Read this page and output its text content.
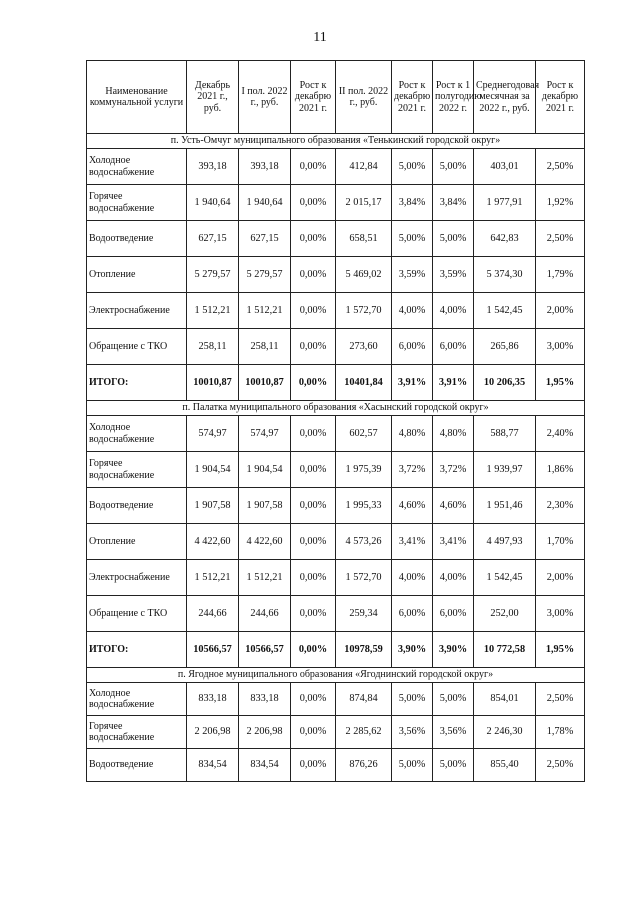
11
Наименование коммунальной услуги	Декабрь 2021 г., руб.	I пол. 2022 г., руб.	Рост к декабрю 2021 г.	II пол. 2022 г., руб.	Рост к декабрю 2021 г.	Рост к 1 полугодию 2022 г.	Среднегодовая месячная за 2022 г., руб.	Рост к декабрю 2021 г.
п. Усть-Омчуг муниципального образования «Тенькинский городской округ»								
Холодное водоснабжение	393,18	393,18	0,00%	412,84	5,00%	5,00%	403,01	2,50%
Горячее водоснабжение	1 940,64	1 940,64	0,00%	2 015,17	3,84%	3,84%	1 977,91	1,92%
Водоотведение	627,15	627,15	0,00%	658,51	5,00%	5,00%	642,83	2,50%
Отопление	5 279,57	5 279,57	0,00%	5 469,02	3,59%	3,59%	5 374,30	1,79%
Электроснабжение	1 512,21	1 512,21	0,00%	1 572,70	4,00%	4,00%	1 542,45	2,00%
Обращение с ТКО	258,11	258,11	0,00%	273,60	6,00%	6,00%	265,86	3,00%
ИТОГО:	10010,87	10010,87	0,00%	10401,84	3,91%	3,91%	10 206,35	1,95%
п. Палатка муниципального образования «Хасынский городской округ»								
Холодное водоснабжение	574,97	574,97	0,00%	602,57	4,80%	4,80%	588,77	2,40%
Горячее водоснабжение	1 904,54	1 904,54	0,00%	1 975,39	3,72%	3,72%	1 939,97	1,86%
Водоотведение	1 907,58	1 907,58	0,00%	1 995,33	4,60%	4,60%	1 951,46	2,30%
Отопление	4 422,60	4 422,60	0,00%	4 573,26	3,41%	3,41%	4 497,93	1,70%
Электроснабжение	1 512,21	1 512,21	0,00%	1 572,70	4,00%	4,00%	1 542,45	2,00%
Обращение с ТКО	244,66	244,66	0,00%	259,34	6,00%	6,00%	252,00	3,00%
ИТОГО:	10566,57	10566,57	0,00%	10978,59	3,90%	3,90%	10 772,58	1,95%
п. Ягодное муниципального образования «Ягоднинский городской округ»								
Холодное водоснабжение	833,18	833,18	0,00%	874,84	5,00%	5,00%	854,01	2,50%
Горячее водоснабжение	2 206,98	2 206,98	0,00%	2 285,62	3,56%	3,56%	2 246,30	1,78%
Водоотведение	834,54	834,54	0,00%	876,26	5,00%	5,00%	855,40	2,50%
